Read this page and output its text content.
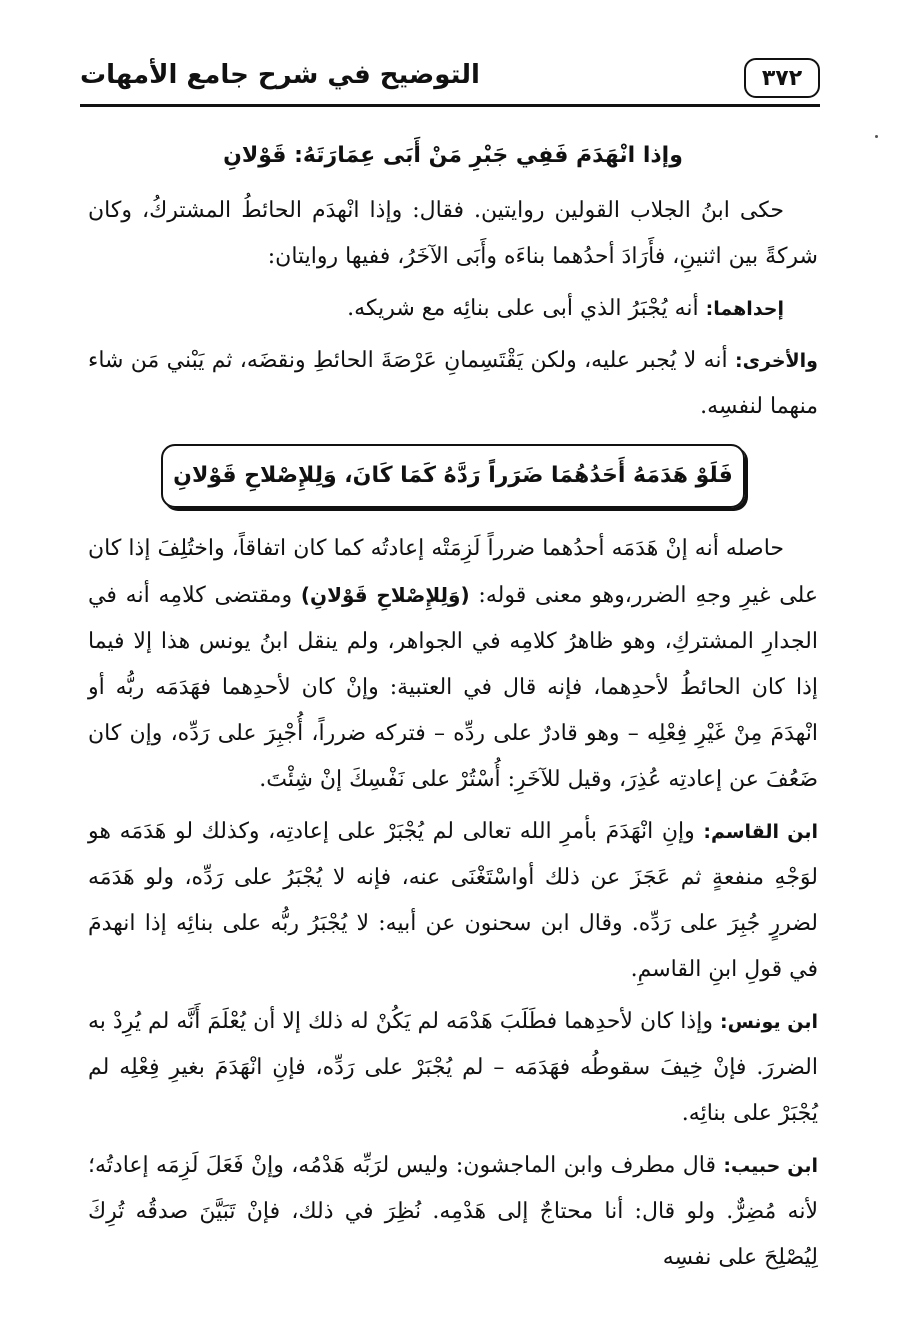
٣٧٢
التوضيح في شرح جامع الأمهات
وإذا انْهَدَمَ فَفِي جَبْرِ مَنْ أَبَى عِمَارَتَهُ: قَوْلانِ

حكى ابنُ الجلاب القولين روايتين. فقال: وإذا انْهدَم الحائطُ المشتركُ، وكان شركةً بين اثنينِ، فأَرَادَ أحدُهما بناءَه وأَبَى الآخَرُ، ففيها روايتان:

إحداهما: أنه يُجْبَرُ الذي أبى على بنائِه مع شريكه.

والأخرى: أنه لا يُجبر عليه، ولكن يَقْتَسِمانِ عَرْصَةَ الحائطِ ونقضَه، ثم يَبْني مَن شاء منهما لنفسِه.

فَلَوْ هَدَمَهُ أَحَدُهُمَا ضَرَراً رَدَّهُ كَمَا كَانَ، وَلِلإِصْلاحِ قَوْلانِ

حاصله أنه إنْ هَدَمَه أحدُهما ضرراً لَزِمَتْه إعادتُه كما كان اتفاقاً، واختُلِفَ إذا كان على غيرِ وجهِ الضرر،وهو معنى قوله: (وَلِلإِصْلاحِ قَوْلانِ) ومقتضى كلامِه أنه في الجدارِ المشتركِ، وهو ظاهرُ كلامِه في الجواهر، ولم ينقل ابنُ يونس هذا إلا فيما إذا كان الحائطُ لأحدِهما، فإنه قال في العتبية: وإنْ كان لأحدِهما فهَدَمَه ربُّه أو انْهدَمَ مِنْ غَيْرِ فِعْلِه – وهو قادرٌ على ردِّه – فتركه ضرراً، أُجْبِرَ على رَدِّه، وإن كان ضَعُفَ عن إعادتِه عُذِرَ، وقيل للآخَرِ: أُسْتُرْ على نَفْسِكَ إنْ شِئْتَ.

ابن القاسم: وإنِ انْهَدَمَ بأمرِ الله تعالى لم يُجْبَرْ على إعادتِه، وكذلك لو هَدَمَه هو لوَجْهِ منفعةٍ ثم عَجَزَ عن ذلك أواسْتَغْنَى عنه، فإنه لا يُجْبَرُ على رَدِّه، ولو هَدَمَه لضررٍ جُبِرَ على رَدِّه. وقال ابن سحنون عن أبيه: لا يُجْبَرُ ربُّه على بنائِه إذا انهدمَ في قولِ ابنِ القاسمِ.

ابن يونس: وإذا كان لأحدِهما فطَلَبَ هَدْمَه لم يَكُنْ له ذلك إلا أن يُعْلَمَ أَنَّه لم يُرِدْ به الضررَ. فإنْ خِيفَ سقوطُه فهَدَمَه – لم يُجْبَرْ على رَدِّه، فإنِ انْهَدَمَ بغيرِ فِعْلِه لم يُجْبَرْ على بنائِه.

ابن حبيب: قال مطرف وابن الماجشون: وليس لرَبِّه هَدْمُه، وإنْ فَعَلَ لَزِمَه إعادتُه؛ لأنه مُضِرٌّ. ولو قال: أنا محتاجٌ إلى هَدْمِه. نُظِرَ في ذلك، فإنْ تَبَيَّنَ صدقُه تُرِكَ لِيُصْلِحَ على نفسِه
